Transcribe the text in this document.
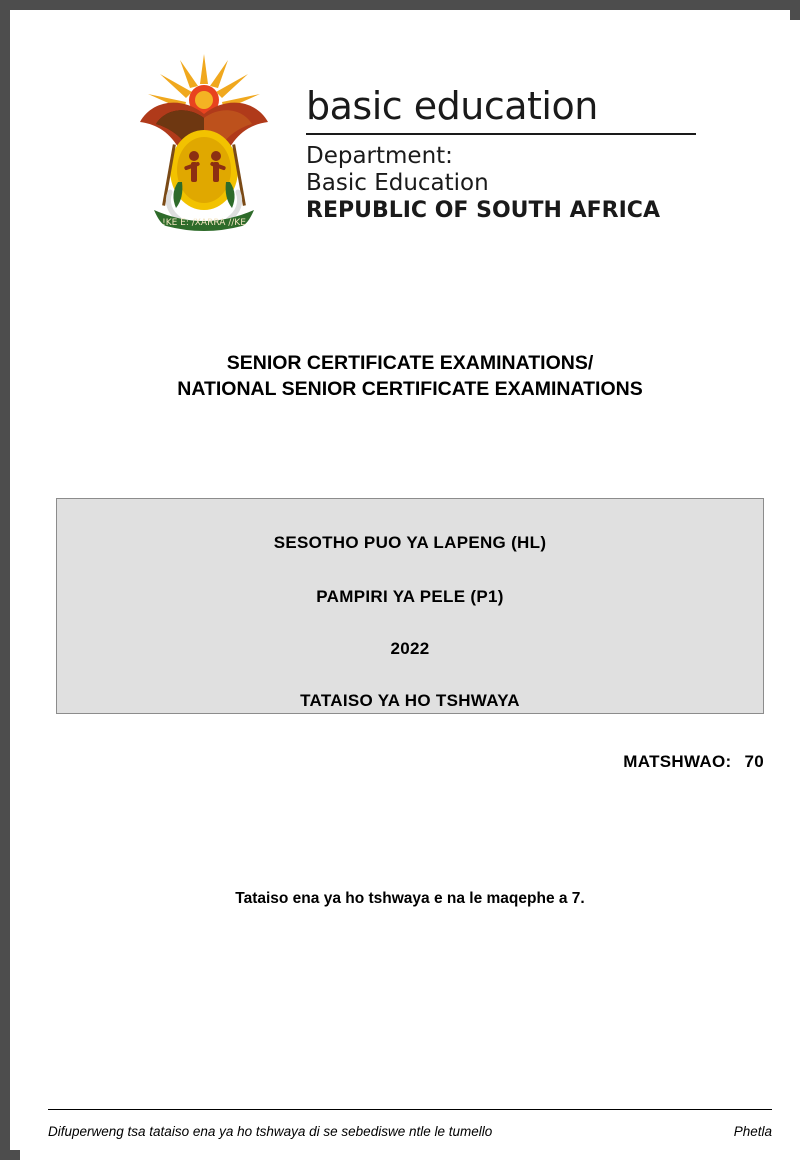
!KE E: /XARRA //KE
basic education
Department:
Basic Education
REPUBLIC OF SOUTH AFRICA
SENIOR CERTIFICATE EXAMINATIONS/
NATIONAL SENIOR CERTIFICATE EXAMINATIONS
SESOTHO PUO YA LAPENG (HL)
PAMPIRI YA PELE (P1)
2022
TATAISO YA HO TSHWAYA
MATSHWAO: 70
Tataiso ena ya ho tshwaya e na le maqephe a 7.
Difuperweng tsa tataiso ena ya ho tshwaya di se sebediswe ntle le tumello	Phetla
